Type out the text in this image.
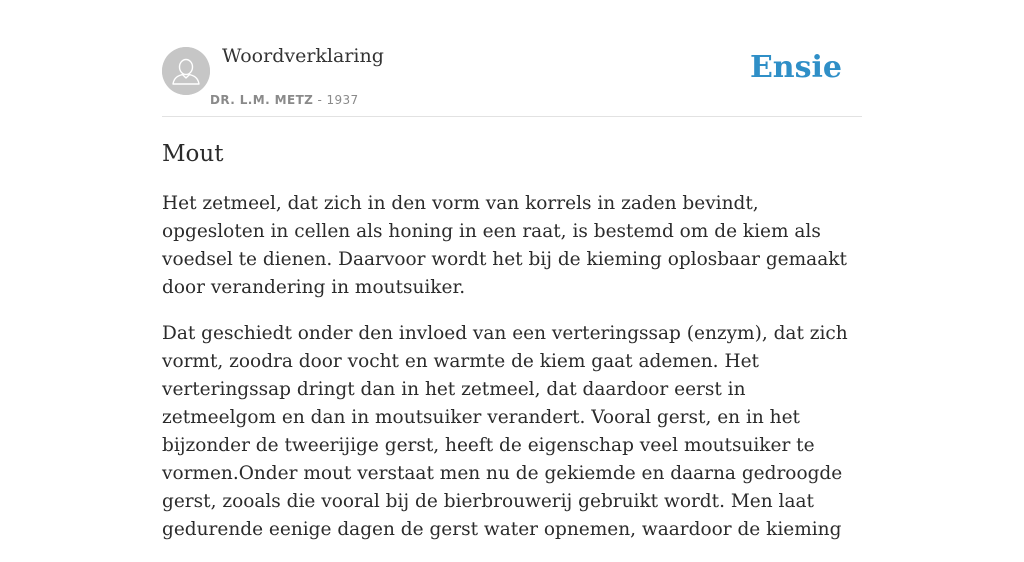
Woordverklaring
DR. L.M. METZ - 1937
Ensie
Mout

Het zetmeel, dat zich in den vorm van korrels in zaden bevindt, opgesloten in cellen als honing in een raat, is bestemd om de kiem als voedsel te dienen. Daarvoor wordt het bij de kieming oplosbaar gemaakt door verandering in moutsuiker.

Dat geschiedt onder den invloed van een verteringssap (enzym), dat zich vormt, zoodra door vocht en warmte de kiem gaat ademen. Het verteringssap dringt dan in het zetmeel, dat daardoor eerst in zetmeelgom en dan in moutsuiker verandert. Vooral gerst, en in het bijzonder de tweerijige gerst, heeft de eigenschap veel moutsuiker te vormen.Onder mout verstaat men nu de gekiemde en daarna gedroogde gerst, zooals die vooral bij de bierbrouwerij gebruikt wordt. Men laat gedurende eenige dagen de gerst water opnemen, waardoor de kieming
